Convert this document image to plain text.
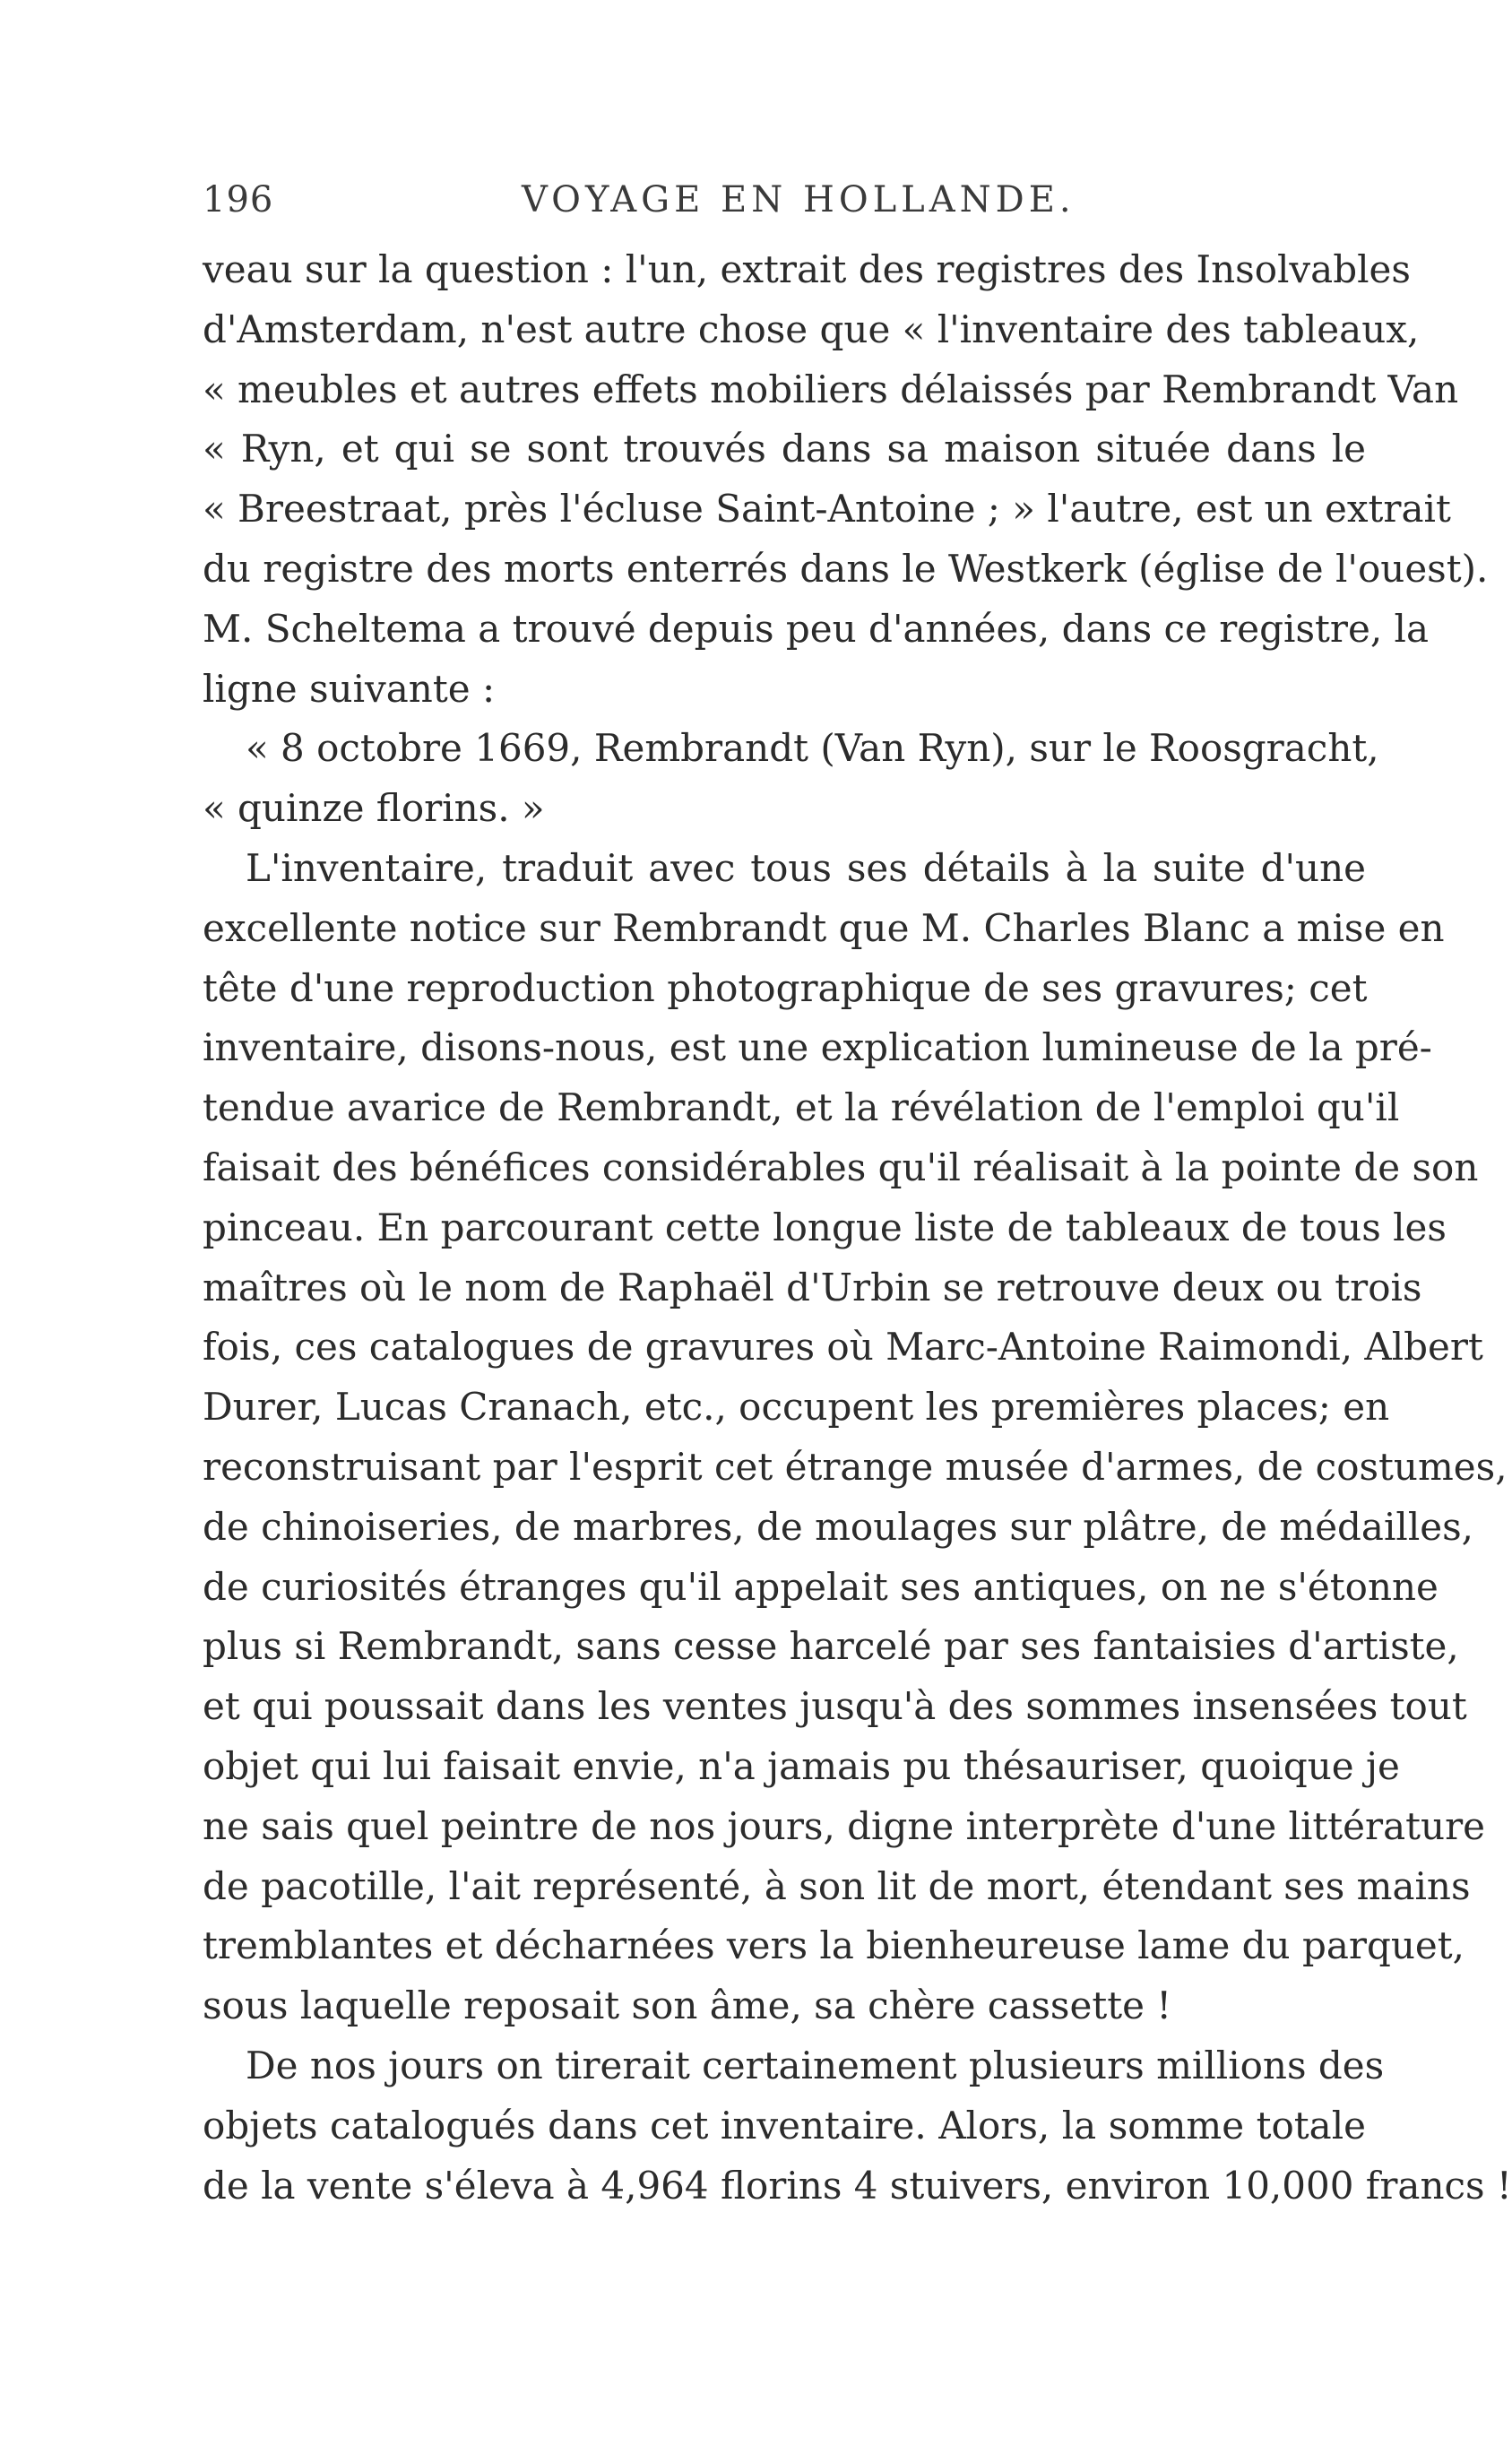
196	VOYAGE EN HOLLANDE.
veau sur la question : l'un, extrait des registres des Insolvables
d'Amsterdam, n'est autre chose que « l'inventaire des tableaux,
« meubles et autres effets mobiliers délaissés par Rembrandt Van
« Ryn, et qui se sont trouvés dans sa maison située dans le
« Breestraat, près l'écluse Saint-Antoine ; » l'autre, est un extrait
du registre des morts enterrés dans le Westkerk (église de l'ouest).
M. Scheltema a trouvé depuis peu d'années, dans ce registre, la
ligne suivante :
« 8 octobre 1669, Rembrandt (Van Ryn), sur le Roosgracht,
« quinze florins. »
L'inventaire, traduit avec tous ses détails à la suite d'une
excellente notice sur Rembrandt que M. Charles Blanc a mise en
tête d'une reproduction photographique de ses gravures; cet
inventaire, disons-nous, est une explication lumineuse de la pré-
tendue avarice de Rembrandt, et la révélation de l'emploi qu'il
faisait des bénéfices considérables qu'il réalisait à la pointe de son
pinceau. En parcourant cette longue liste de tableaux de tous les
maîtres où le nom de Raphaël d'Urbin se retrouve deux ou trois
fois, ces catalogues de gravures où Marc-Antoine Raimondi, Albert
Durer, Lucas Cranach, etc., occupent les premières places; en
reconstruisant par l'esprit cet étrange musée d'armes, de costumes,
de chinoiseries, de marbres, de moulages sur plâtre, de médailles,
de curiosités étranges qu'il appelait ses antiques, on ne s'étonne
plus si Rembrandt, sans cesse harcelé par ses fantaisies d'artiste,
et qui poussait dans les ventes jusqu'à des sommes insensées tout
objet qui lui faisait envie, n'a jamais pu thésauriser, quoique je
ne sais quel peintre de nos jours, digne interprète d'une littérature
de pacotille, l'ait représenté, à son lit de mort, étendant ses mains
tremblantes et décharnées vers la bienheureuse lame du parquet,
sous laquelle reposait son âme, sa chère cassette !
De nos jours on tirerait certainement plusieurs millions des
objets catalogués dans cet inventaire. Alors, la somme totale
de la vente s'éleva à 4,964 florins 4 stuivers, environ 10,000 francs !
